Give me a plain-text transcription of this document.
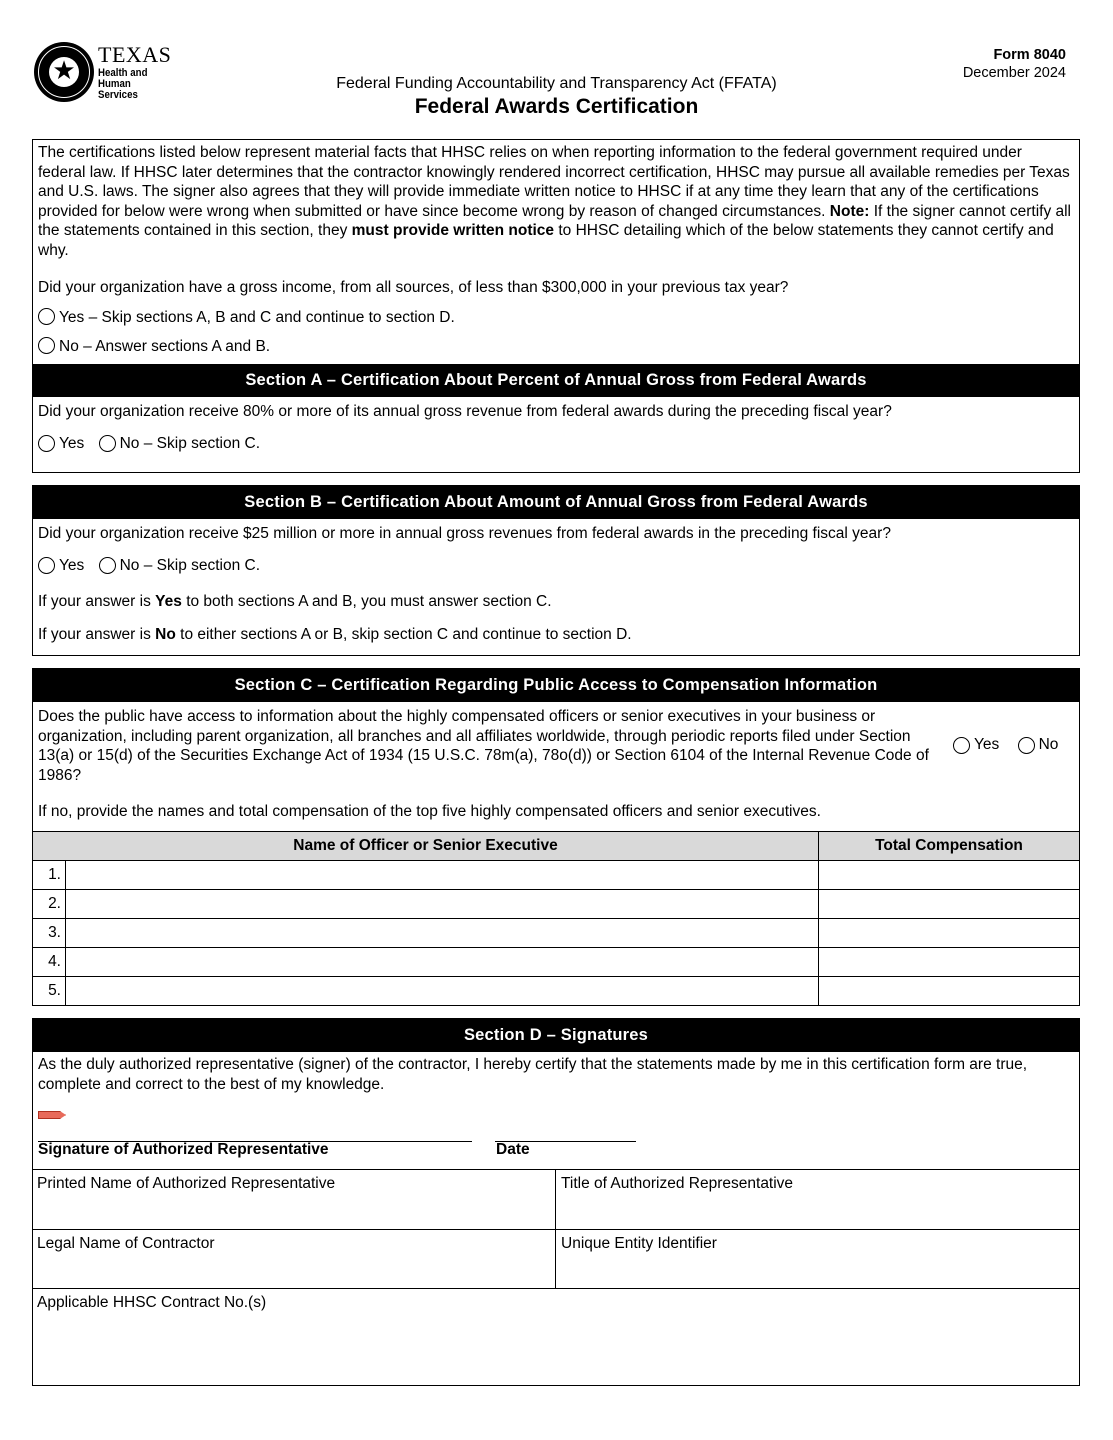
★
TEXAS
Health and Human
Services
Federal Funding Accountability and Transparency Act (FFATA)
Federal Awards Certification
Form 8040
December 2024
The certifications listed below represent material facts that HHSC relies on when reporting information to the federal government required under federal law. If HHSC later determines that the contractor knowingly rendered incorrect certification, HHSC may pursue all available remedies per Texas and U.S. laws. The signer also agrees that they will provide immediate written notice to HHSC if at any time they learn that any of the certifications provided for below were wrong when submitted or have since become wrong by reason of changed circumstances. Note: If the signer cannot certify all the statements contained in this section, they must provide written notice to HHSC detailing which of the below statements they cannot certify and why.
Did your organization have a gross income, from all sources, of less than $300,000 in your previous tax year?
Yes – Skip sections A, B and C and continue to section D.
No – Answer sections A and B.
Section A – Certification About Percent of Annual Gross from Federal Awards
Did your organization receive 80% or more of its annual gross revenue from federal awards during the preceding fiscal year?
Yes
No – Skip section C.
Section B – Certification About Amount of Annual Gross from Federal Awards
Did your organization receive $25 million or more in annual gross revenues from federal awards in the preceding fiscal year?
Yes
No – Skip section C.
If your answer is Yes to both sections A and B, you must answer section C.
If your answer is No to either sections A or B, skip section C and continue to section D.
Section C – Certification Regarding Public Access to Compensation Information
Does the public have access to information about the highly compensated officers or senior executives in your business or organization, including parent organization, all branches and all affiliates worldwide, through periodic reports filed under Section 13(a) or 15(d) of the Securities Exchange Act of 1934 (15 U.S.C. 78m(a), 78o(d)) or Section 6104 of the Internal Revenue Code of 1986?
Yes
	No
If no, provide the names and total compensation of the top five highly compensated officers and senior executives.
Name of Officer or Senior Executive		Total Compensation
1.		
2.		
3.		
4.		
5.		
Section D – Signatures
As the duly authorized representative (signer) of the contractor, I hereby certify that the statements made by me in this certification form are true, complete and correct to the best of my knowledge.
Signature of Authorized Representative	Date
Printed Name of Authorized Representative	Title of Authorized Representative
Legal Name of Contractor	Unique Entity Identifier
Applicable HHSC Contract No.(s)
